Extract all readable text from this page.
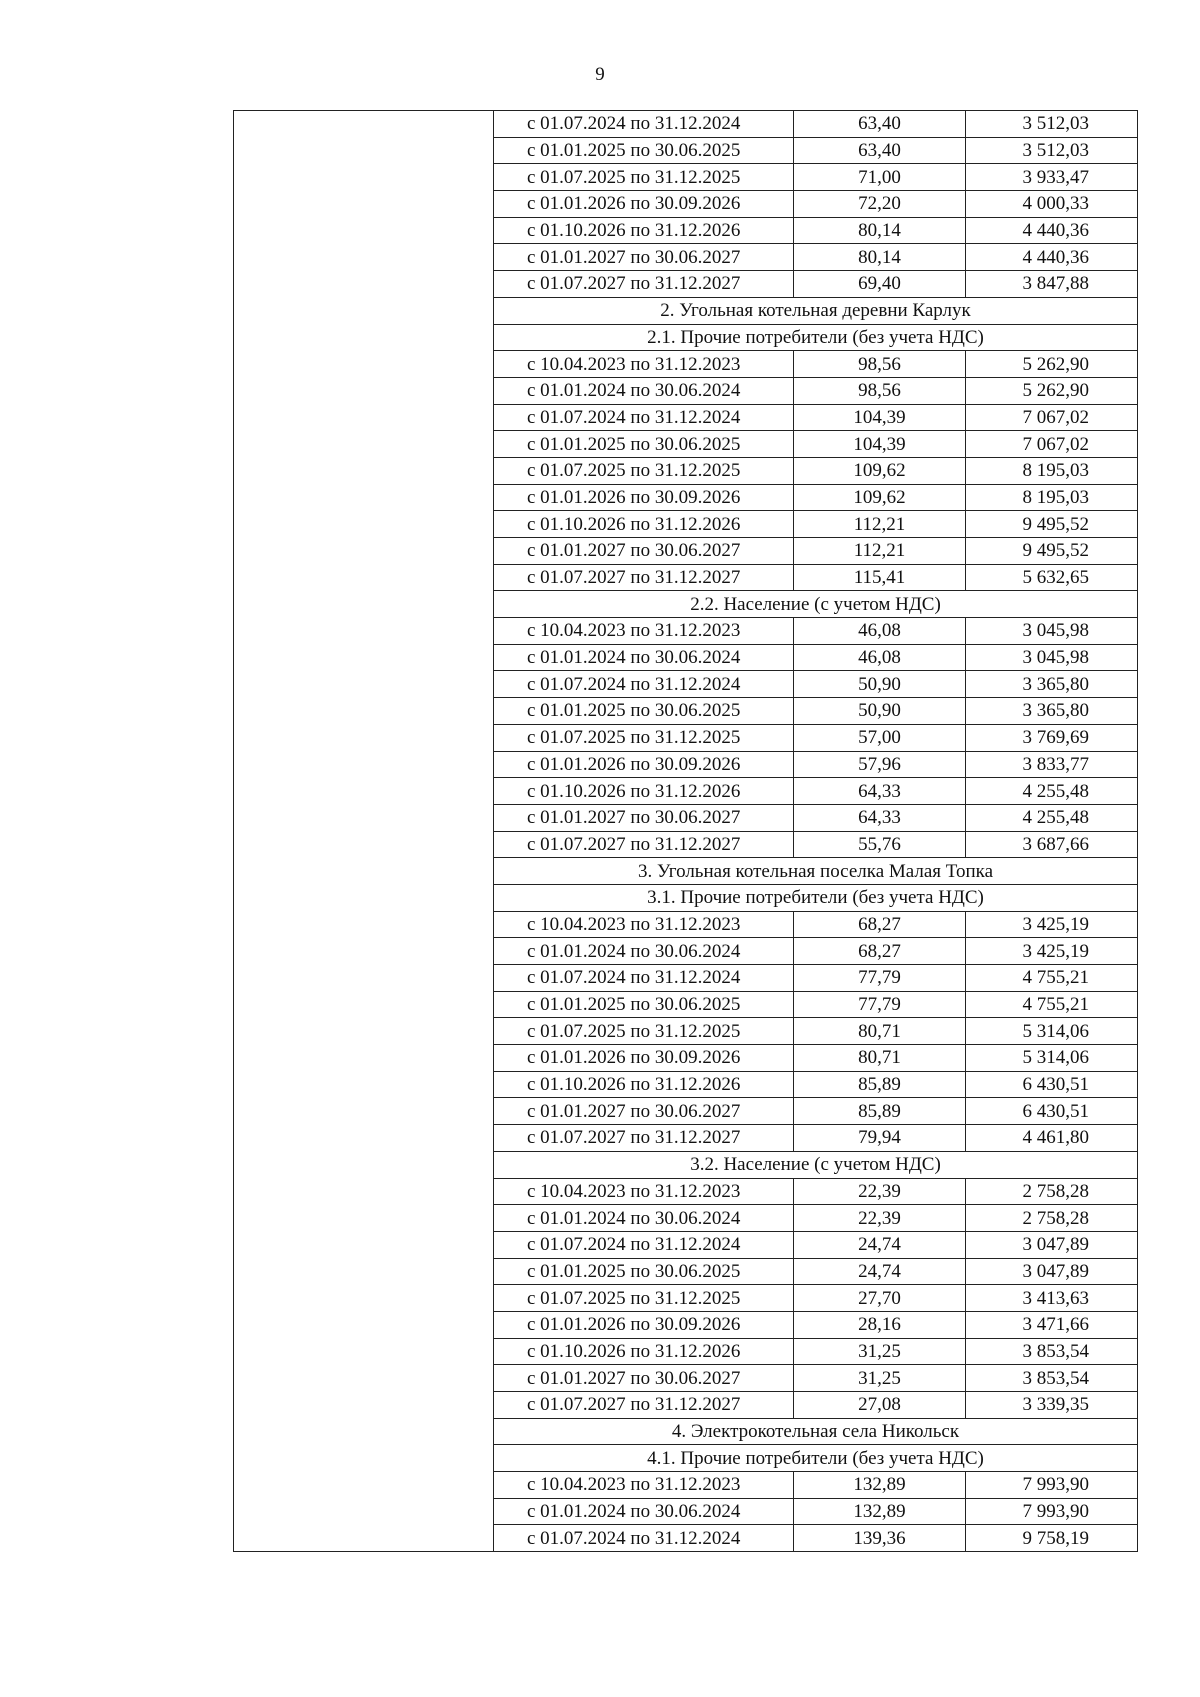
9
	с 01.07.2024 по 31.12.2024	63,40	3 512,03
	с 01.01.2025 по 30.06.2025	63,40	3 512,03
	с 01.07.2025 по 31.12.2025	71,00	3 933,47
	с 01.01.2026 по 30.09.2026	72,20	4 000,33
	с 01.10.2026 по 31.12.2026	80,14	4 440,36
	с 01.01.2027 по 30.06.2027	80,14	4 440,36
	с 01.07.2027 по 31.12.2027	69,40	3 847,88
	2. Угольная котельная деревни Карлук		
	2.1. Прочие потребители (без учета НДС)		
	с 10.04.2023 по 31.12.2023	98,56	5 262,90
	с 01.01.2024 по 30.06.2024	98,56	5 262,90
	с 01.07.2024 по 31.12.2024	104,39	7 067,02
	с 01.01.2025 по 30.06.2025	104,39	7 067,02
	с 01.07.2025 по 31.12.2025	109,62	8 195,03
	с 01.01.2026 по 30.09.2026	109,62	8 195,03
	с 01.10.2026 по 31.12.2026	112,21	9 495,52
	с 01.01.2027 по 30.06.2027	112,21	9 495,52
	с 01.07.2027 по 31.12.2027	115,41	5 632,65
	2.2. Население (с учетом НДС)		
	с 10.04.2023 по 31.12.2023	46,08	3 045,98
	с 01.01.2024 по 30.06.2024	46,08	3 045,98
	с 01.07.2024 по 31.12.2024	50,90	3 365,80
	с 01.01.2025 по 30.06.2025	50,90	3 365,80
	с 01.07.2025 по 31.12.2025	57,00	3 769,69
	с 01.01.2026 по 30.09.2026	57,96	3 833,77
	с 01.10.2026 по 31.12.2026	64,33	4 255,48
	с 01.01.2027 по 30.06.2027	64,33	4 255,48
	с 01.07.2027 по 31.12.2027	55,76	3 687,66
	3. Угольная котельная поселка Малая Топка		
	3.1. Прочие потребители (без учета НДС)		
	с 10.04.2023 по 31.12.2023	68,27	3 425,19
	с 01.01.2024 по 30.06.2024	68,27	3 425,19
	с 01.07.2024 по 31.12.2024	77,79	4 755,21
	с 01.01.2025 по 30.06.2025	77,79	4 755,21
	с 01.07.2025 по 31.12.2025	80,71	5 314,06
	с 01.01.2026 по 30.09.2026	80,71	5 314,06
	с 01.10.2026 по 31.12.2026	85,89	6 430,51
	с 01.01.2027 по 30.06.2027	85,89	6 430,51
	с 01.07.2027 по 31.12.2027	79,94	4 461,80
	3.2. Население (с учетом НДС)		
	с 10.04.2023 по 31.12.2023	22,39	2 758,28
	с 01.01.2024 по 30.06.2024	22,39	2 758,28
	с 01.07.2024 по 31.12.2024	24,74	3 047,89
	с 01.01.2025 по 30.06.2025	24,74	3 047,89
	с 01.07.2025 по 31.12.2025	27,70	3 413,63
	с 01.01.2026 по 30.09.2026	28,16	3 471,66
	с 01.10.2026 по 31.12.2026	31,25	3 853,54
	с 01.01.2027 по 30.06.2027	31,25	3 853,54
	с 01.07.2027 по 31.12.2027	27,08	3 339,35
	4. Электрокотельная села Никольск		
	4.1. Прочие потребители (без учета НДС)		
	с 10.04.2023 по 31.12.2023	132,89	7 993,90
	с 01.01.2024 по 30.06.2024	132,89	7 993,90
	с 01.07.2024 по 31.12.2024	139,36	9 758,19
